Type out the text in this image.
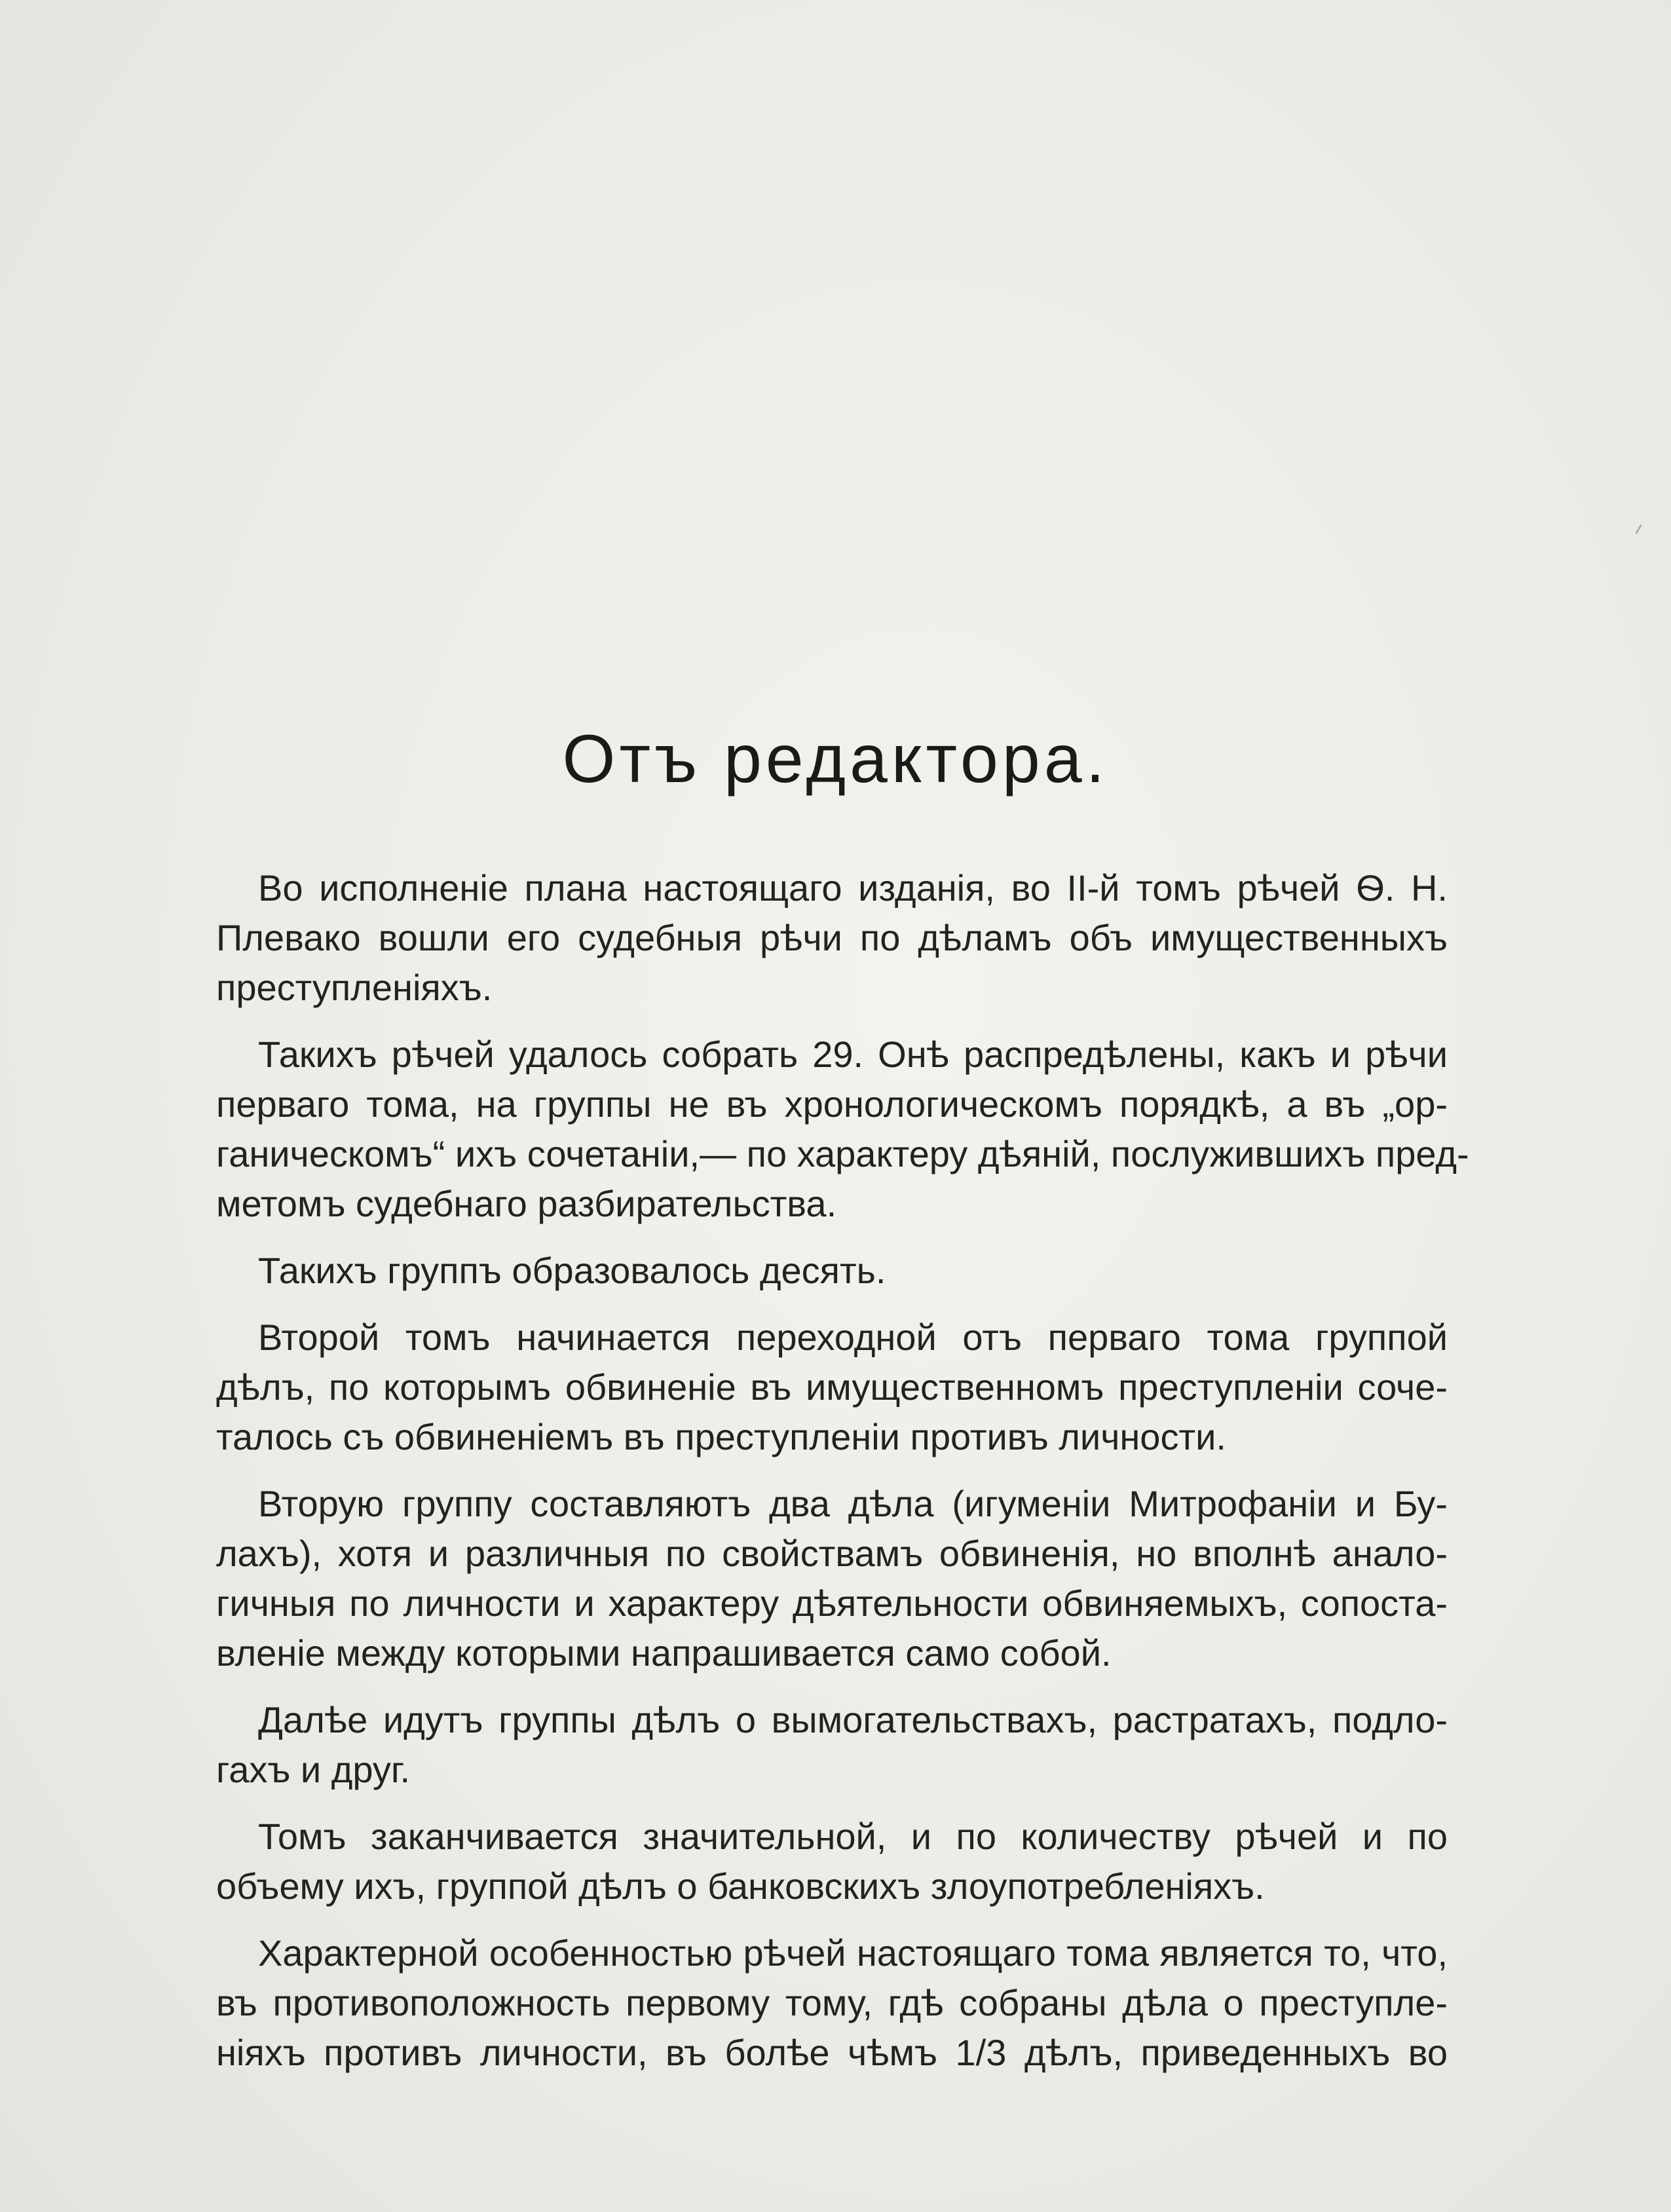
Отъ редактора.
Во исполненіе плана настоящаго изданія, во II-й томъ рѣчей Ѳ. Н.
Плевако вошли его судебныя рѣчи по дѣламъ объ имущественныхъ
преступленіяхъ.
Такихъ рѣчей удалось собрать 29. Онѣ распредѣлены, какъ и рѣчи
перваго тома, на группы не въ хронологическомъ порядкѣ, а въ „ор-
ганическомъ“ ихъ сочетаніи,— по характеру дѣяній, послужившихъ пред-
метомъ судебнаго разбирательства.
Такихъ группъ образовалось десять.
Второй томъ начинается переходной отъ перваго тома группой
дѣлъ, по которымъ обвиненіе въ имущественномъ преступленіи соче-
талось съ обвиненіемъ въ преступленіи противъ личности.
Вторую группу составляютъ два дѣла (игуменіи Митрофаніи и Бу-
лахъ), хотя и различныя по свойствамъ обвиненія, но вполнѣ анало-
гичныя по личности и характеру дѣятельности обвиняемыхъ, сопоста-
вленіе между которыми напрашивается само собой.
Далѣе идутъ группы дѣлъ о вымогательствахъ, растратахъ, подло-
гахъ и друг.
Томъ заканчивается значительной, и по количеству рѣчей и по
объему ихъ, группой дѣлъ о банковскихъ злоупотребленіяхъ.
Характерной особенностью рѣчей настоящаго тома является то, что,
въ противоположность первому тому, гдѣ собраны дѣла о преступле-
ніяхъ противъ личности, въ болѣе чѣмъ 1/3 дѣлъ, приведенныхъ во
